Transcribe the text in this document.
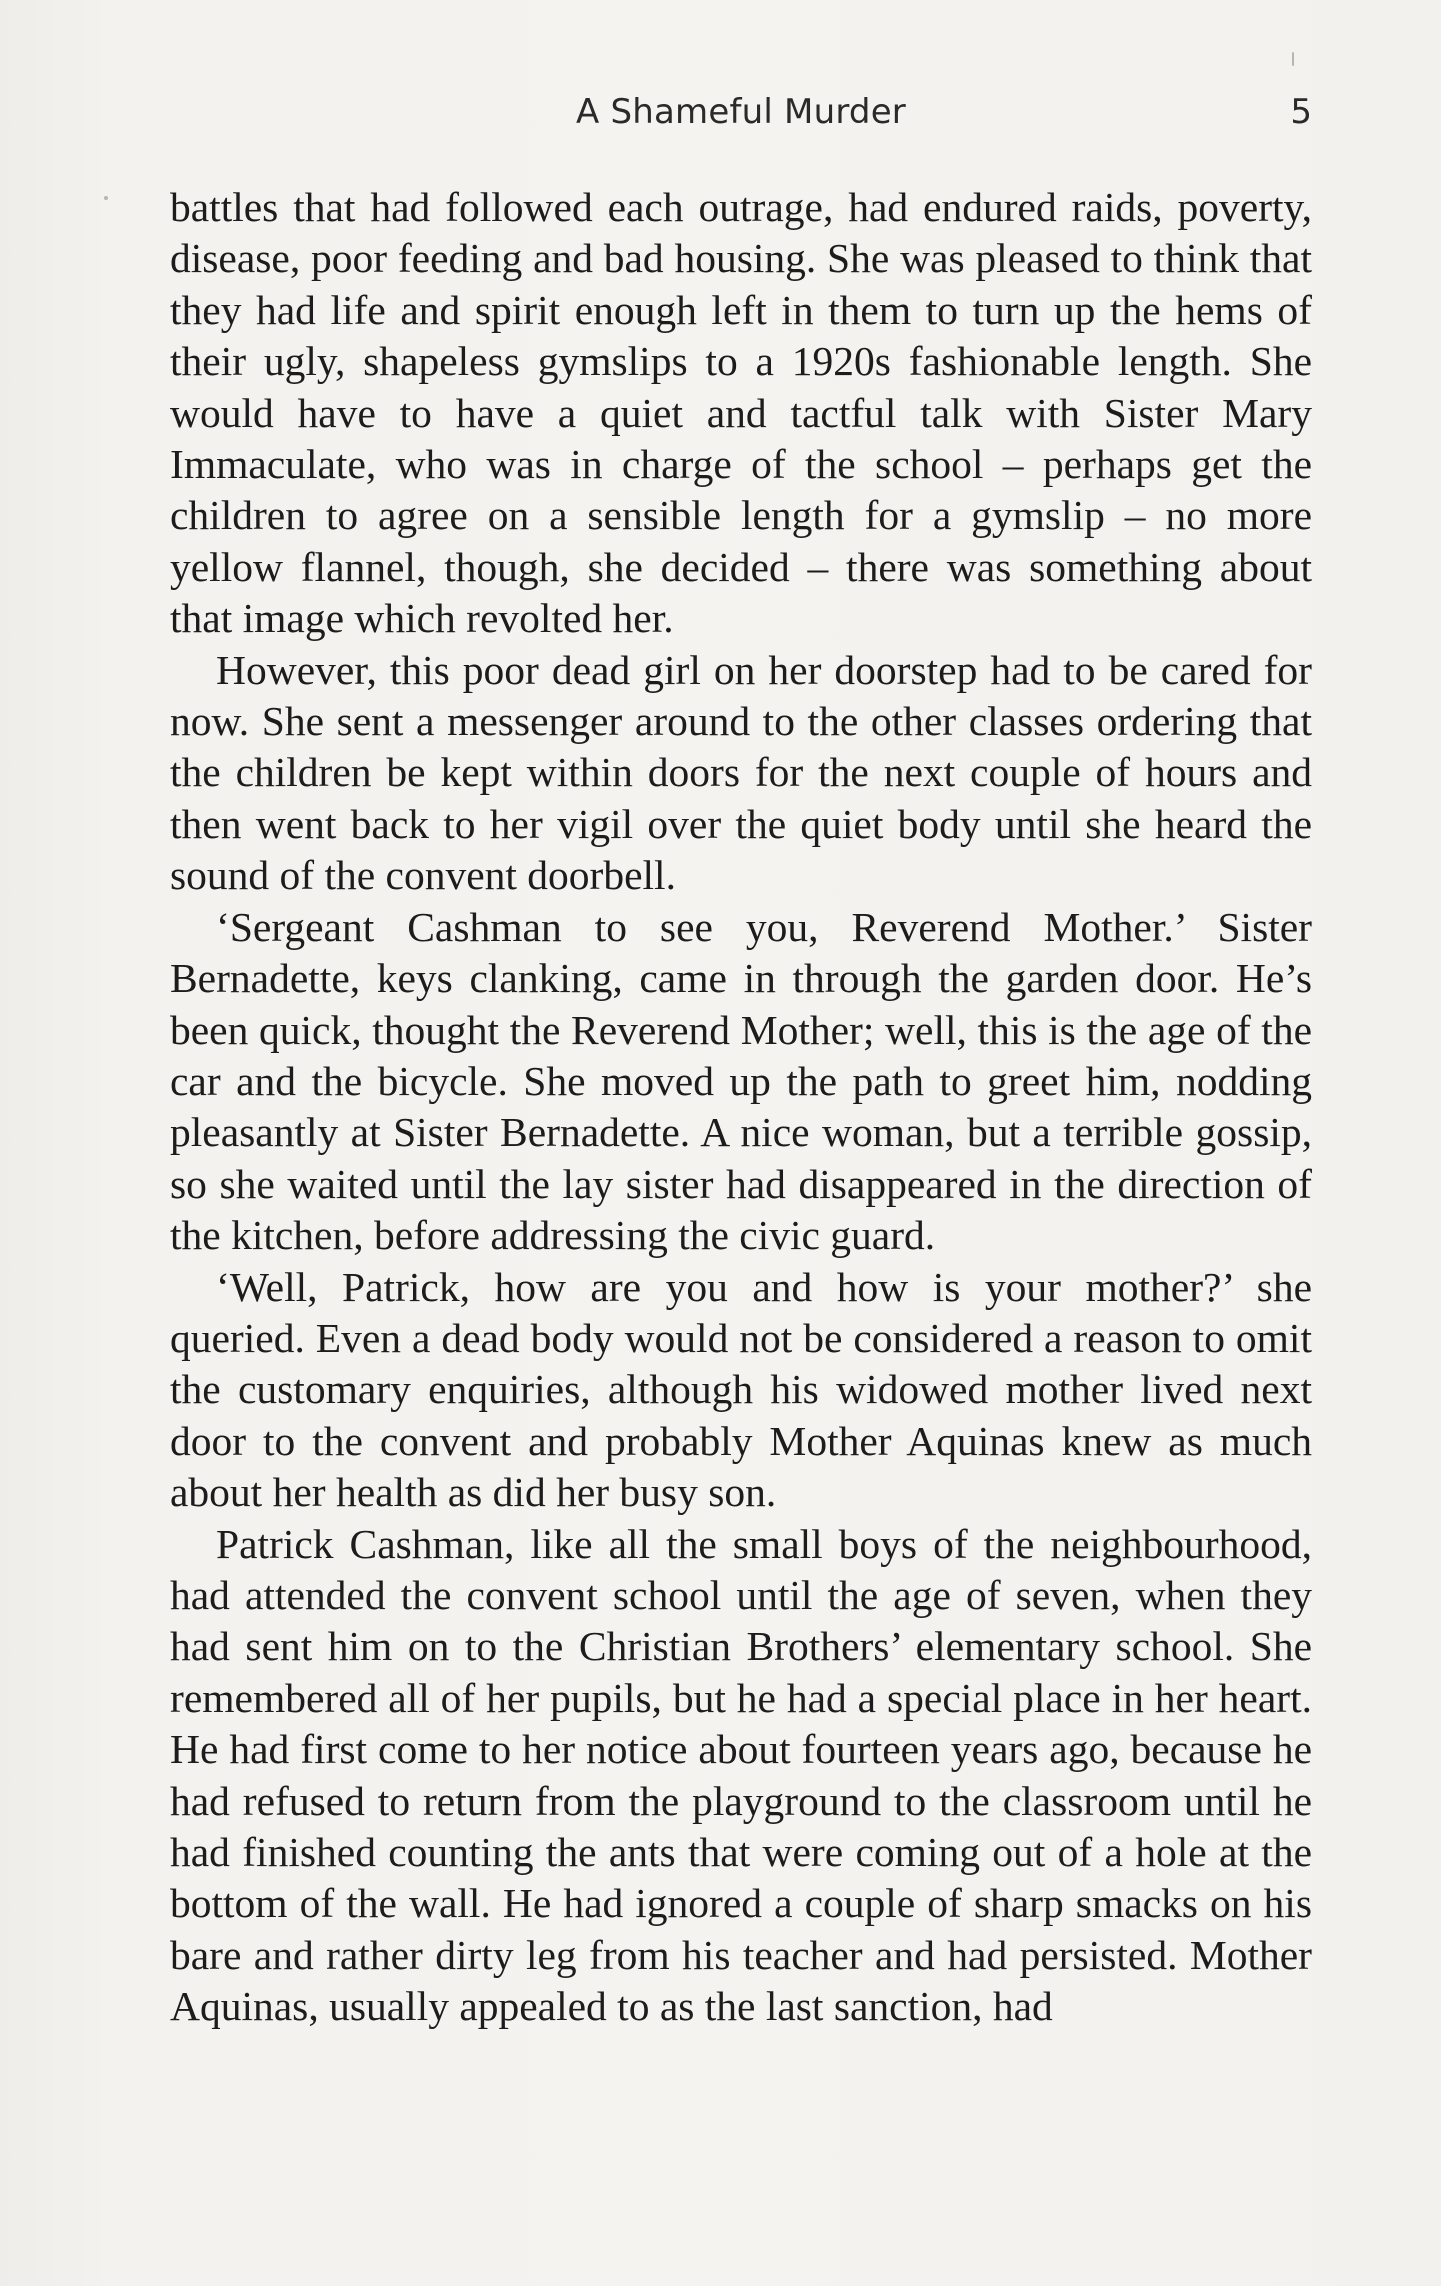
A Shameful Murder	5

battles that had followed each outrage, had endured raids, poverty, disease, poor feeding and bad housing. She was pleased to think that they had life and spirit enough left in them to turn up the hems of their ugly, shapeless gymslips to a 1920s fashionable length. She would have to have a quiet and tactful talk with Sister Mary Immaculate, who was in charge of the school – perhaps get the children to agree on a sensible length for a gymslip – no more yellow flannel, though, she decided – there was something about that image which revolted her.

However, this poor dead girl on her doorstep had to be cared for now. She sent a messenger around to the other classes ordering that the children be kept within doors for the next couple of hours and then went back to her vigil over the quiet body until she heard the sound of the convent doorbell.

‘Sergeant Cashman to see you, Reverend Mother.’ Sister Bernadette, keys clanking, came in through the garden door. He’s been quick, thought the Reverend Mother; well, this is the age of the car and the bicycle. She moved up the path to greet him, nodding pleasantly at Sister Bernadette. A nice woman, but a terrible gossip, so she waited until the lay sister had disappeared in the direction of the kitchen, before addressing the civic guard.

‘Well, Patrick, how are you and how is your mother?’ she queried. Even a dead body would not be considered a reason to omit the customary enquiries, although his widowed mother lived next door to the convent and probably Mother Aquinas knew as much about her health as did her busy son.

Patrick Cashman, like all the small boys of the neighbourhood, had attended the convent school until the age of seven, when they had sent him on to the Christian Brothers’ elementary school. She remembered all of her pupils, but he had a special place in her heart. He had first come to her notice about fourteen years ago, because he had refused to return from the playground to the classroom until he had finished counting the ants that were coming out of a hole at the bottom of the wall. He had ignored a couple of sharp smacks on his bare and rather dirty leg from his teacher and had persisted. Mother Aquinas, usually appealed to as the last sanction, had
